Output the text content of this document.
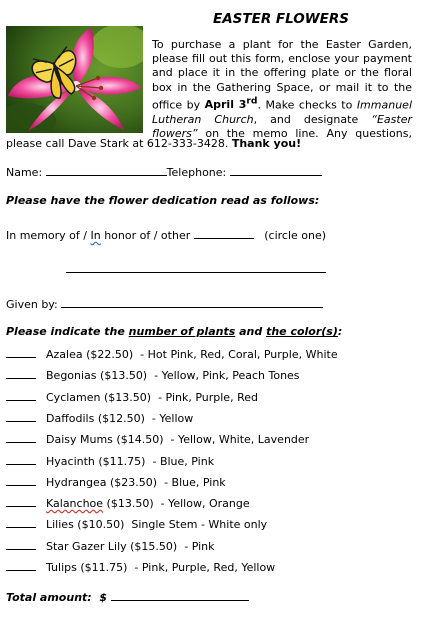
EASTER FLOWERS
To purchase a plant for the Easter Garden, please fill out this form, enclose your payment and place it in the offering plate or the floral box in the Gathering Space, or mail it to the office by April 3rd. Make checks to Immanuel Lutheran Church, and designate “Easter flowers” on the memo line. Any questions,
please call Dave Stark at 612-333-3428. Thank you!
Name:	Telephone:
Please have the flower dedication read as follows:
In memory of / In honor of / other	(circle one)
Given by:
Please indicate the number of plants and the color(s):
Azalea ($22.50)  - Hot Pink, Red, Coral, Purple, White
Begonias ($13.50)  - Yellow, Pink, Peach Tones
Cyclamen ($13.50)  - Pink, Purple, Red
Daffodils ($12.50)  - Yellow
Daisy Mums ($14.50)  - Yellow, White, Lavender
Hyacinth ($11.75)  - Blue, Pink
Hydrangea ($23.50)  - Blue, Pink
Kalanchoe ($13.50)  - Yellow, Orange
Lilies ($10.50) Single Stem - White only
Star Gazer Lily ($15.50)  - Pink
Tulips ($11.75)  - Pink, Purple, Red, Yellow
Total amount: $
